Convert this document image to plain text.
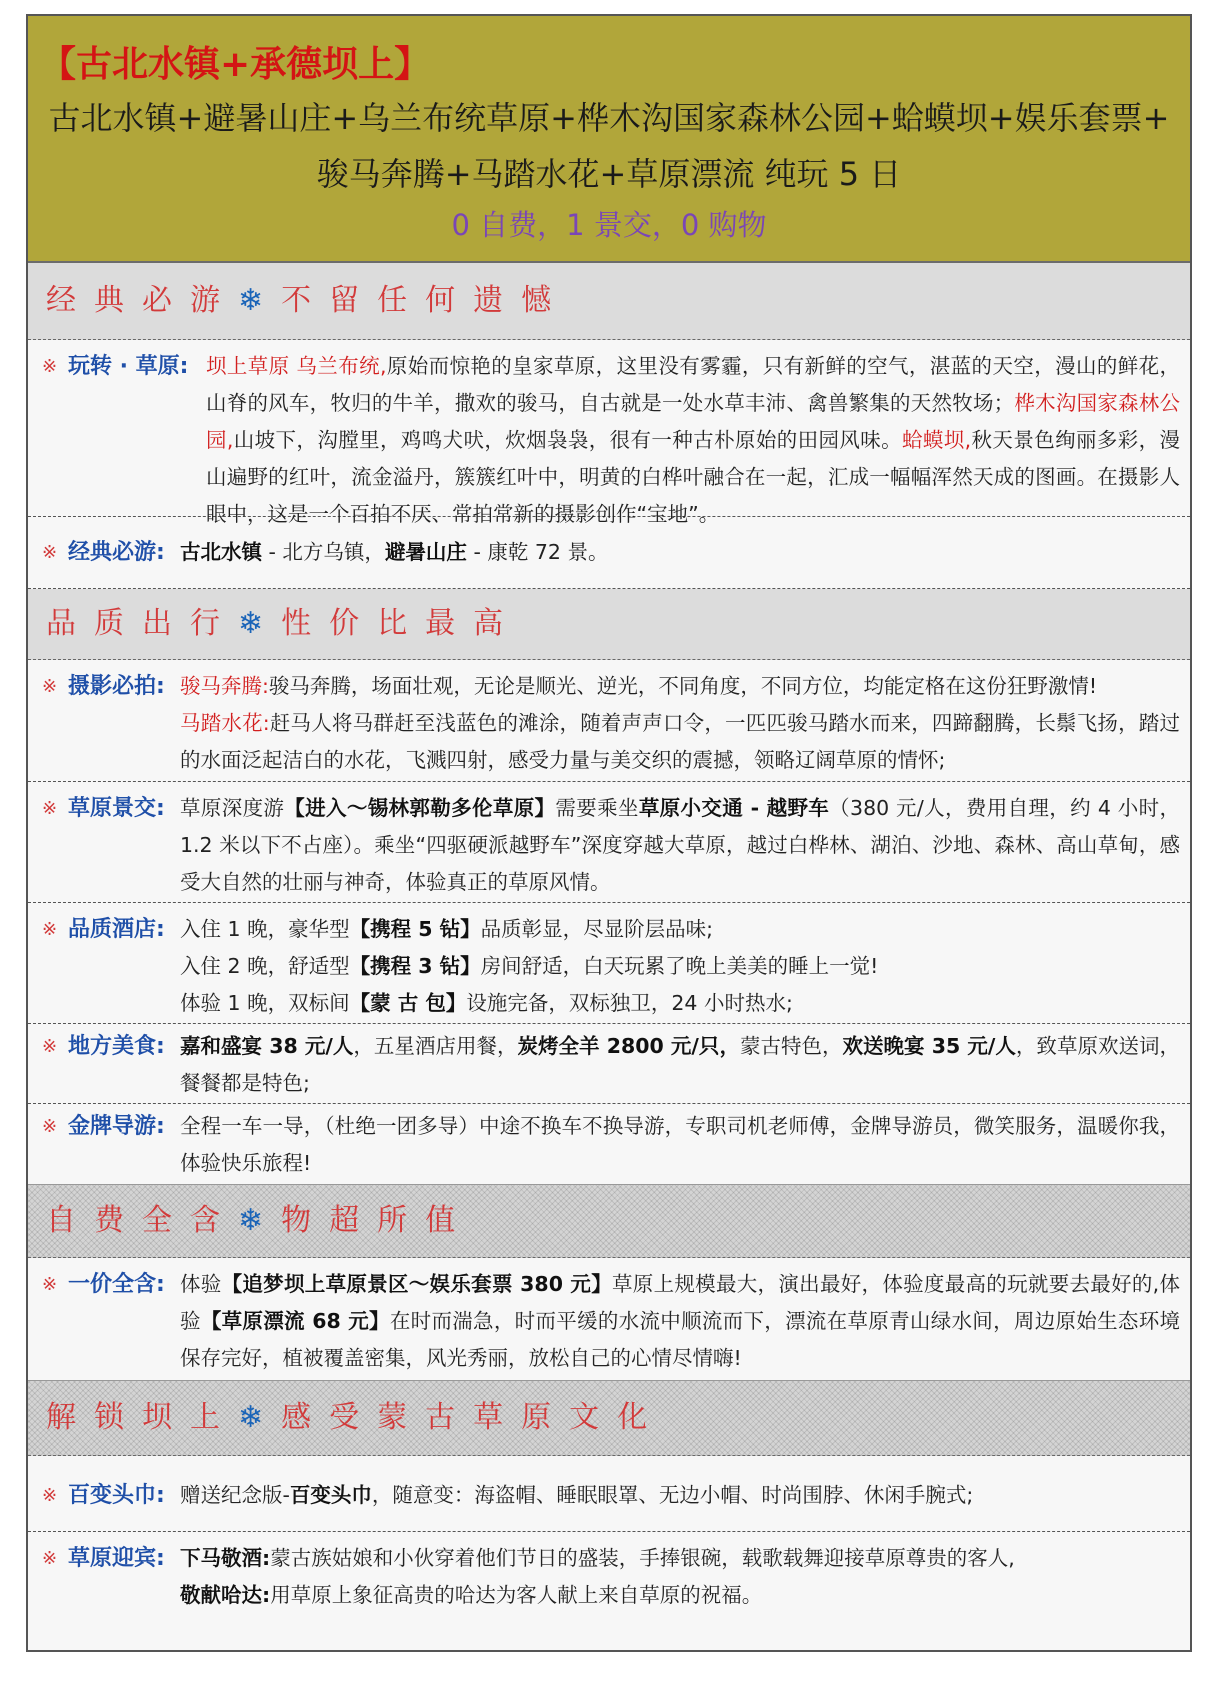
【古北水镇+承德坝上】
古北水镇+避暑山庄+乌兰布统草原+桦木沟国家森林公园+蛤蟆坝+娱乐套票+
骏马奔腾+马踏水花+草原漂流 纯玩 5 日
0 自费，1 景交，0 购物
经典必游❄不留任何遗憾
※ 玩转 · 草原: 坝上草原 乌兰布统,原始而惊艳的皇家草原，这里没有雾霾，只有新鲜的空气，湛蓝的天空，漫山的鲜花，山脊的风车，牧归的牛羊，撒欢的骏马，自古就是一处水草丰沛、禽兽繁集的天然牧场；桦木沟国家森林公园,山坡下，沟膛里，鸡鸣犬吠，炊烟袅袅，很有一种古朴原始的田园风味。蛤蟆坝,秋天景色绚丽多彩，漫山遍野的红叶，流金溢丹，簇簇红叶中，明黄的白桦叶融合在一起，汇成一幅幅浑然天成的图画。在摄影人眼中，这是一个百拍不厌、常拍常新的摄影创作“宝地”。
※ 经典必游: 古北水镇 - 北方乌镇，避暑山庄 - 康乾 72 景。
品质出行❄性价比最高
※ 摄影必拍: 骏马奔腾:骏马奔腾，场面壮观，无论是顺光、逆光，不同角度，不同方位，均能定格在这份狂野激情!
马踏水花:赶马人将马群赶至浅蓝色的滩涂，随着声声口令，一匹匹骏马踏水而来，四蹄翻腾，长鬃飞扬，踏过的水面泛起洁白的水花，飞溅四射，感受力量与美交织的震撼，领略辽阔草原的情怀;
※ 草原景交: 草原深度游【进入～锡林郭勒多伦草原】需要乘坐草原小交通 - 越野车（380 元/人，费用自理，约 4 小时，1.2 米以下不占座）。乘坐“四驱硬派越野车”深度穿越大草原，越过白桦林、湖泊、沙地、森林、高山草甸，感受大自然的壮丽与神奇，体验真正的草原风情。
※ 品质酒店: 入住 1 晚，豪华型【携程 5 钻】品质彰显，尽显阶层品味;
入住 2 晚，舒适型【携程 3 钻】房间舒适，白天玩累了晚上美美的睡上一觉!
体验 1 晚，双标间【蒙 古 包】设施完备，双标独卫，24 小时热水;
※ 地方美食: 嘉和盛宴 38 元/人，五星酒店用餐，炭烤全羊 2800 元/只，蒙古特色，欢送晚宴 35 元/人，致草原欢送词，餐餐都是特色;
※ 金牌导游: 全程一车一导，（杜绝一团多导）中途不换车不换导游，专职司机老师傅，金牌导游员，微笑服务，温暖你我，体验快乐旅程!
自费全含❄物超所值
※ 一价全含: 体验【追梦坝上草原景区～娱乐套票 380 元】草原上规模最大，演出最好，体验度最高的玩就要去最好的,体验【草原漂流 68 元】在时而湍急，时而平缓的水流中顺流而下，漂流在草原青山绿水间，周边原始生态环境保存完好，植被覆盖密集，风光秀丽，放松自己的心情尽情嗨!
解锁坝上❄感受蒙古草原文化
※ 百变头巾: 赠送纪念版-百变头巾，随意变：海盗帽、睡眠眼罩、无边小帽、时尚围脖、休闲手腕式;
※ 草原迎宾: 下马敬酒:蒙古族姑娘和小伙穿着他们节日的盛装，手捧银碗，载歌载舞迎接草原尊贵的客人,
敬献哈达:用草原上象征高贵的哈达为客人献上来自草原的祝福。
